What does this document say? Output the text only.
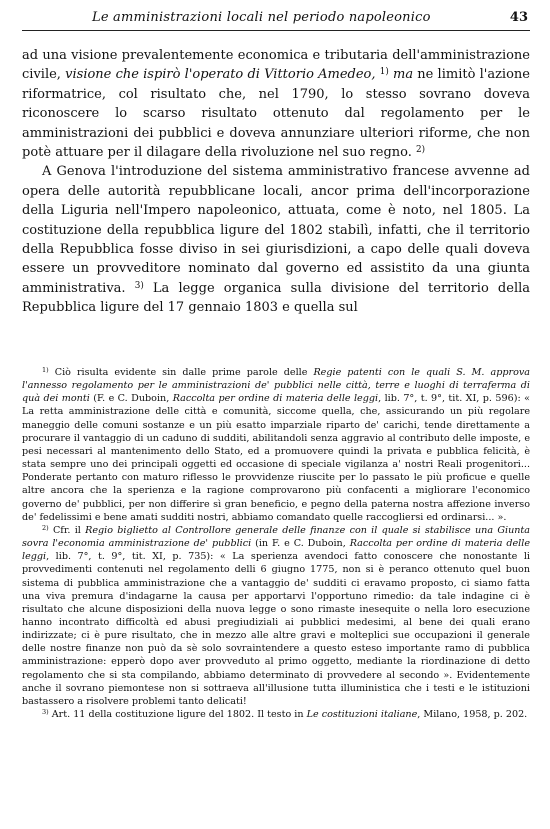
Le amministrazioni locali nel periodo napoleonico	43

ad una visione prevalentemente economica e tributaria dell'amministrazione civile, visione che ispirò l'operato di Vittorio Amedeo, $^{1)}$ ma ne limitò l'azione riformatrice, col risultato che, nel 1790, lo stesso sovrano doveva riconoscere lo scarso risultato ottenuto dal regolamento per le amministrazioni dei pubblici e doveva annunziare ulteriori riforme, che non potè attuare per il dilagare della rivoluzione nel suo regno. $^{2)}$

A Genova l'introduzione del sistema amministrativo francese avvenne ad opera delle autorità repubblicane locali, ancor prima dell'incorporazione della Liguria nell'Impero napoleonico, attuata, come è noto, nel 1805. La costituzione della repubblica ligure del 1802 stabilì, infatti, che il territorio della Repubblica fosse diviso in sei giurisdizioni, a capo delle quali doveva essere un provveditore nominato dal governo ed assistito da una giunta amministrativa. $^{3)}$ La legge organica sulla divisione del territorio della Repubblica ligure del 17 gennaio 1803 e quella sul

$^{1)}$ Ciò risulta evidente sin dalle prime parole delle Regie patenti con le quali S. M. approva l'annesso regolamento per le amministrazioni de' pubblici nelle città, terre e luoghi di terraferma di quà dei monti (F. e C. Duboin, Raccolta per ordine di materia delle leggi, lib. 7°, t. 9°, tit. XI, p. 596): « La retta amministrazione delle città e comunità, siccome quella, che, assicurando un più regolare maneggio delle comuni sostanze e un più esatto imparziale riparto de' carichi, tende direttamente a procurare il vantaggio di un caduno di sudditi, abilitandoli senza aggravio al contributo delle imposte, e pesi necessari al mantenimento dello Stato, ed a promuovere quindi la privata e pubblica felicità, è stata sempre uno dei principali oggetti ed occasione di speciale vigilanza a' nostri Reali progenitori... Ponderate pertanto con maturo riflesso le provvidenze riuscite per lo passato le più proficue e quelle altre ancora che la sperienza e la ragione comprovarono più confacenti a migliorare l'economico governo de' pubblici, per non differire sì gran beneficio, e pegno della paterna nostra affezione inverso de' fedelissimi e bene amati sudditi nostri, abbiamo comandato quelle raccogliersi ed ordinarsi... ».

$^{2)}$ Cfr. il Regio biglietto al Controllore generale delle finanze con il quale si stabilisce una Giunta sovra l'economia amministrazione de' pubblici (in F. e C. Duboin, Raccolta per ordine di materia delle leggi, lib. 7°, t. 9°, tit. XI, p. 735): « La sperienza avendoci fatto conoscere che nonostante li provvedimenti contenuti nel regolamento delli 6 giugno 1775, non si è peranco ottenuto quel buon sistema di pubblica amministrazione che a vantaggio de' sudditi ci eravamo proposto, ci siamo fatta una viva premura d'indagarne la causa per apportarvi l'opportuno rimedio: da tale indagine ci è risultato che alcune disposizioni della nuova legge o sono rimaste inesequite o nella loro esecuzione hanno incontrato difficoltà ed abusi pregiudiziali ai pubblici medesimi, al bene dei quali erano indirizzate; ci è pure risultato, che in mezzo alle altre gravi e molteplici sue occupazioni il generale delle nostre finanze non può da sè solo sovraintendere a questo esteso importante ramo di pubblica amministrazione: epperò dopo aver provveduto al primo oggetto, mediante la riordinazione di detto regolamento che si sta compilando, abbiamo determinato di provvedere al secondo ». Evidentemente anche il sovrano piemontese non si sottraeva all'illusione tutta illuministica che i testi e le istituzioni bastassero a risolvere problemi tanto delicati!

$^{3)}$ Art. 11 della costituzione ligure del 1802. Il testo in Le costituzioni italiane, Milano, 1958, p. 202.
